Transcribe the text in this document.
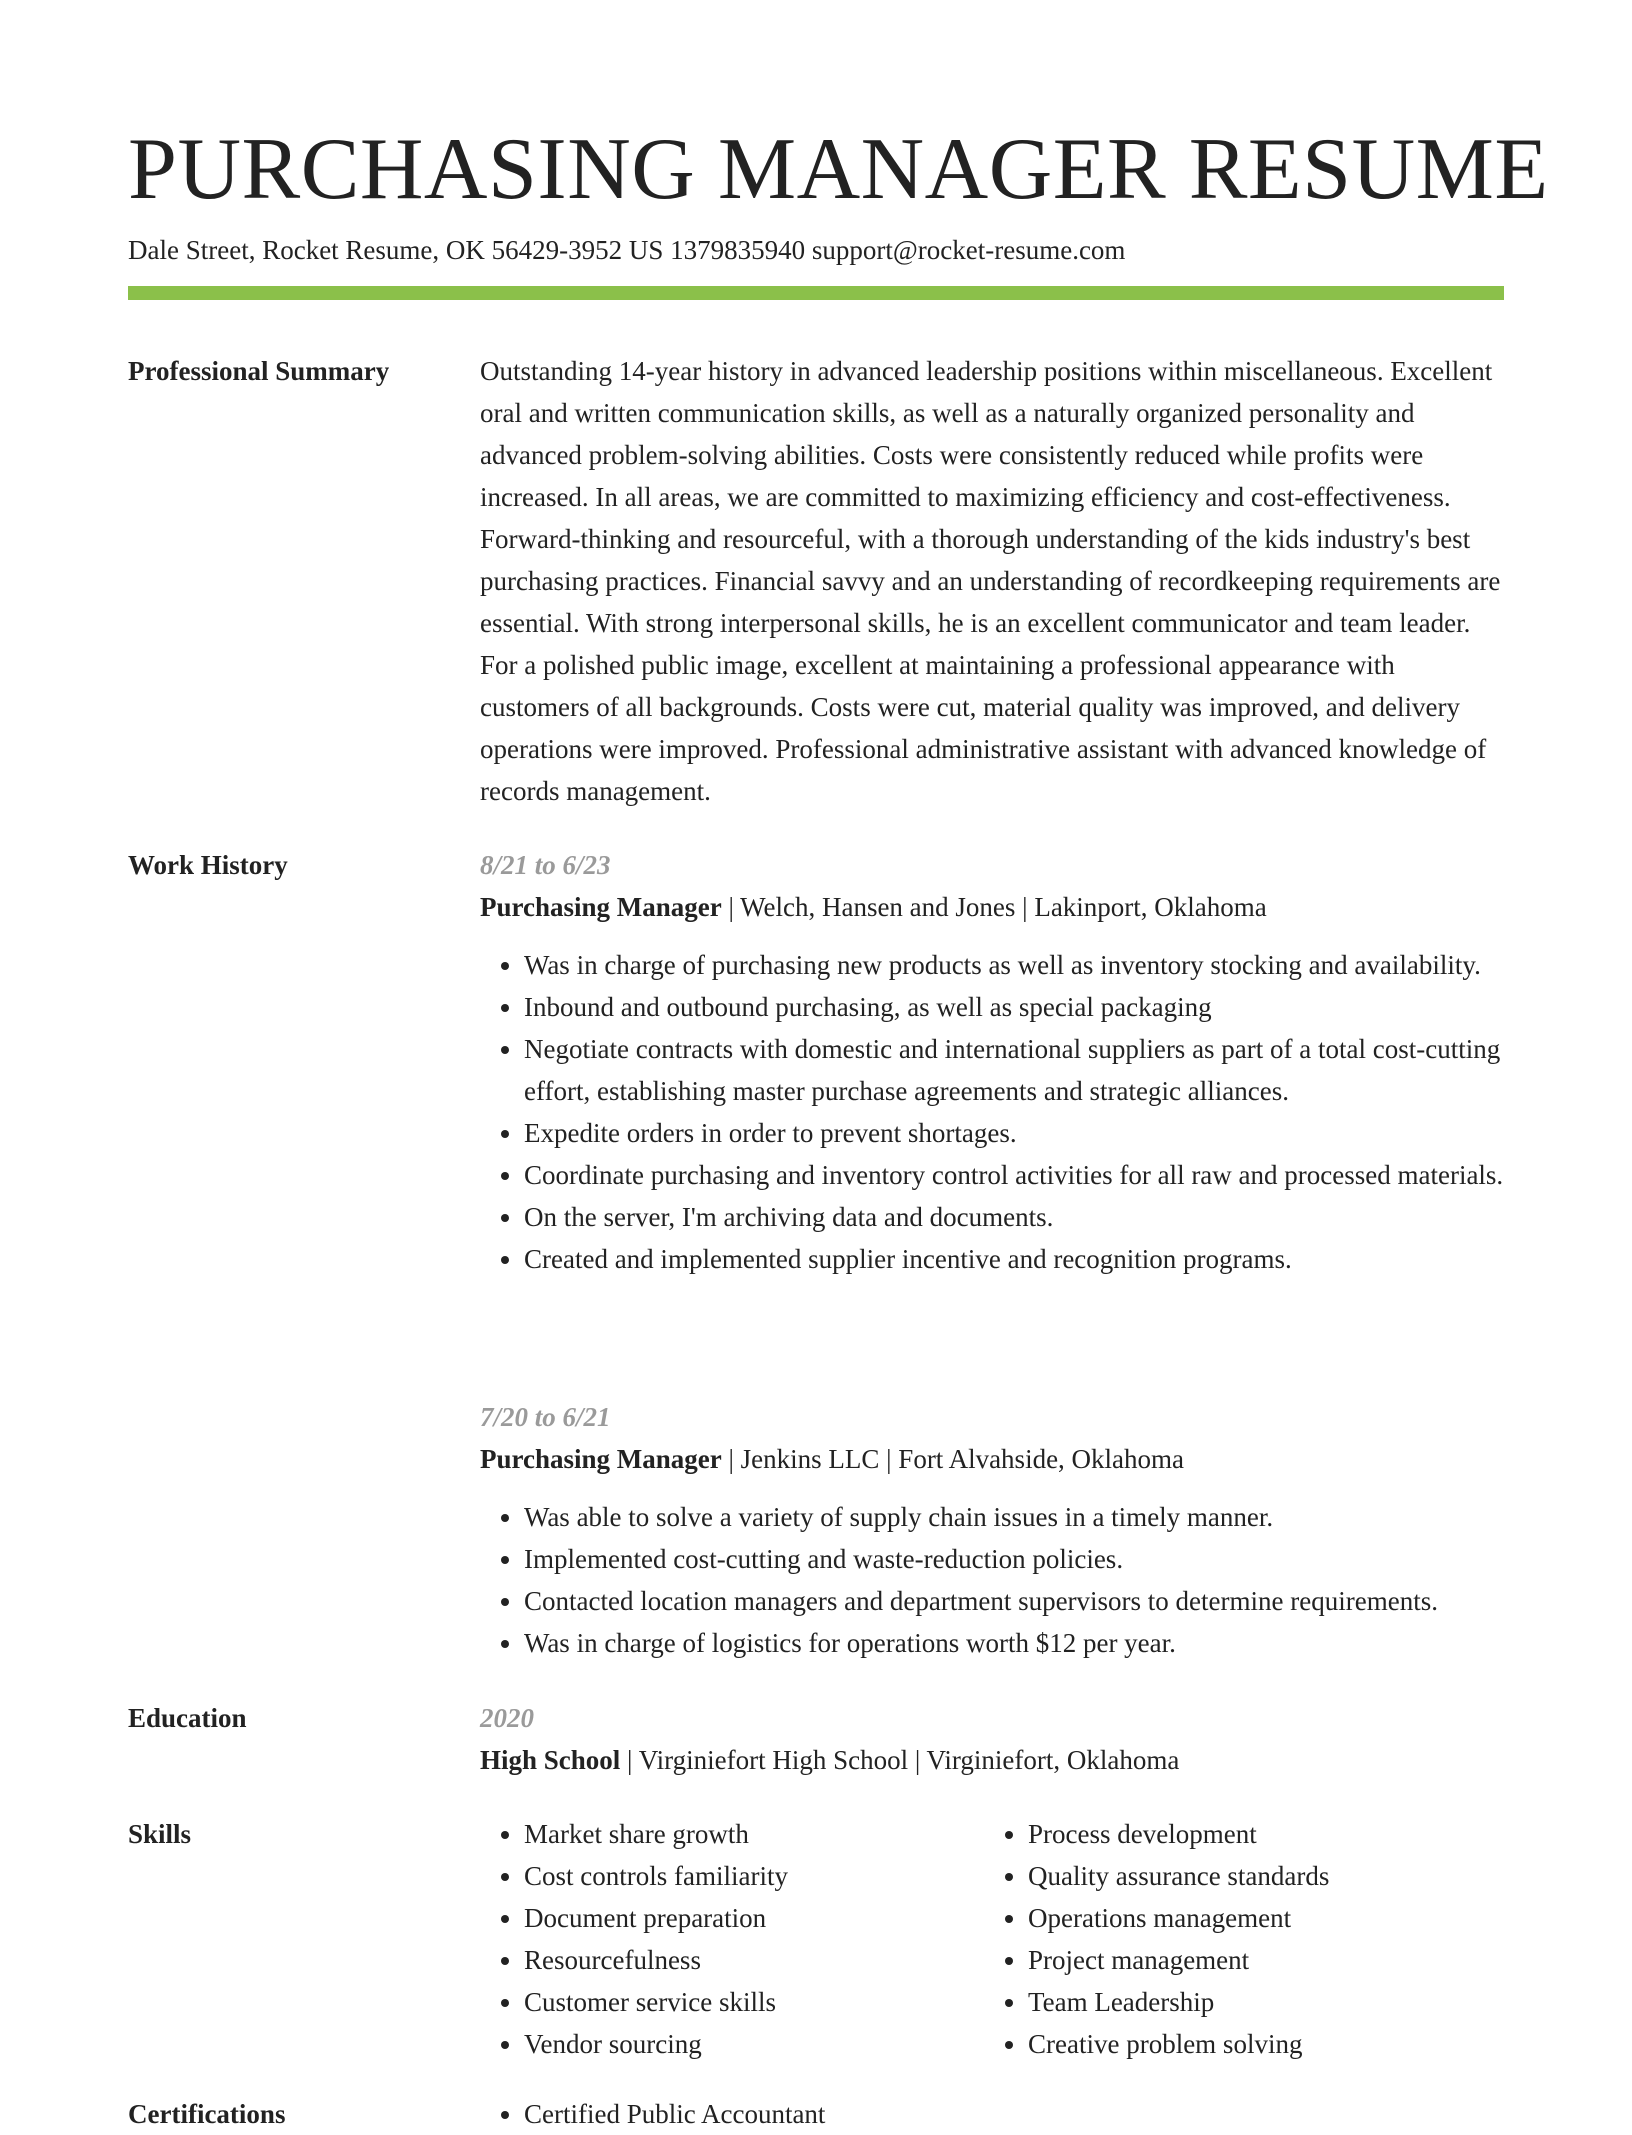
PURCHASING MANAGER RESUME
Dale Street, Rocket Resume, OK 56429-3952 US 1379835940 support@rocket-resume.com
Professional Summary	Outstanding 14-year history in advanced leadership positions within miscellaneous. Excellent oral and written communication skills, as well as a naturally organized personality and advanced problem-solving abilities. Costs were consistently reduced while profits were increased. In all areas, we are committed to maximizing efficiency and cost-effectiveness. Forward-thinking and resourceful, with a thorough understanding of the kids industry's best purchasing practices. Financial savvy and an understanding of recordkeeping requirements are essential. With strong interpersonal skills, he is an excellent communicator and team leader. For a polished public image, excellent at maintaining a professional appearance with customers of all backgrounds. Costs were cut, material quality was improved, and delivery operations were improved. Professional administrative assistant with advanced knowledge of records management.

Work History	8/21 to 6/23
Purchasing Manager | Welch, Hansen and Jones | Lakinport, Oklahoma
• Was in charge of purchasing new products as well as inventory stocking and availability.
• Inbound and outbound purchasing, as well as special packaging
• Negotiate contracts with domestic and international suppliers as part of a total cost-cutting effort, establishing master purchase agreements and strategic alliances.
• Expedite orders in order to prevent shortages.
• Coordinate purchasing and inventory control activities for all raw and processed materials.
• On the server, I'm archiving data and documents.
• Created and implemented supplier incentive and recognition programs.
7/20 to 6/21
Purchasing Manager | Jenkins LLC | Fort Alvahside, Oklahoma
• Was able to solve a variety of supply chain issues in a timely manner.
• Implemented cost-cutting and waste-reduction policies.
• Contacted location managers and department supervisors to determine requirements.
• Was in charge of logistics for operations worth $12 per year.
Education	2020
High School | Virginiefort High School | Virginiefort, Oklahoma
Skills	• Market share growth
• Cost controls familiarity
• Document preparation
• Resourcefulness
• Customer service skills
• Vendor sourcing
• Process development
• Quality assurance standards
• Operations management
• Project management
• Team Leadership
• Creative problem solving
Certifications	• Certified Public Accountant
